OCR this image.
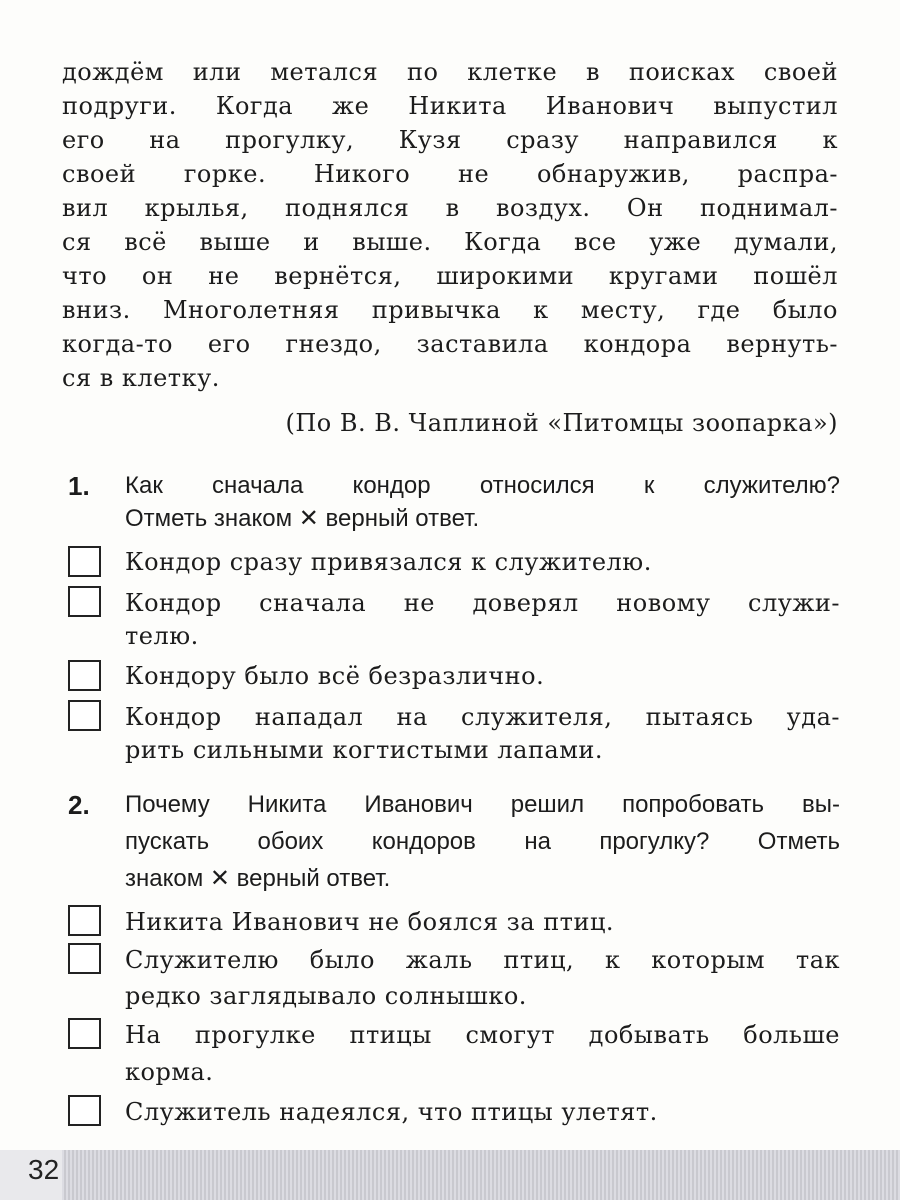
дождём или метался по клетке в поисках своей
подруги. Когда же Никита Иванович выпустил
его на прогулку, Кузя сразу направился к
своей горке. Никого не обнаружив, распра-
вил крылья, поднялся в воздух. Он поднимал-
ся всё выше и выше. Когда все уже думали,
что он не вернётся, широкими кругами пошёл
вниз. Многолетняя привычка к месту, где было
когда-то его гнездо, заставила кондора вернуть-
ся в клетку.
(По В. В. Чаплиной «Питомцы зоопарка»)
1. Как сначала кондор относился к служителю?
Отметь знаком ✕ верный ответ.
Кондор сразу привязался к служителю.
Кондор сначала не доверял новому служи-
телю.
Кондору было всё безразлично.
Кондор нападал на служителя, пытаясь уда-
рить сильными когтистыми лапами.
2. Почему Никита Иванович решил попробовать вы-
пускать обоих кондоров на прогулку? Отметь
знаком ✕ верный ответ.
Никита Иванович не боялся за птиц.
Служителю было жаль птиц, к которым так
редко заглядывало солнышко.
На прогулке птицы смогут добывать больше
корма.
Служитель надеялся, что птицы улетят.
32
